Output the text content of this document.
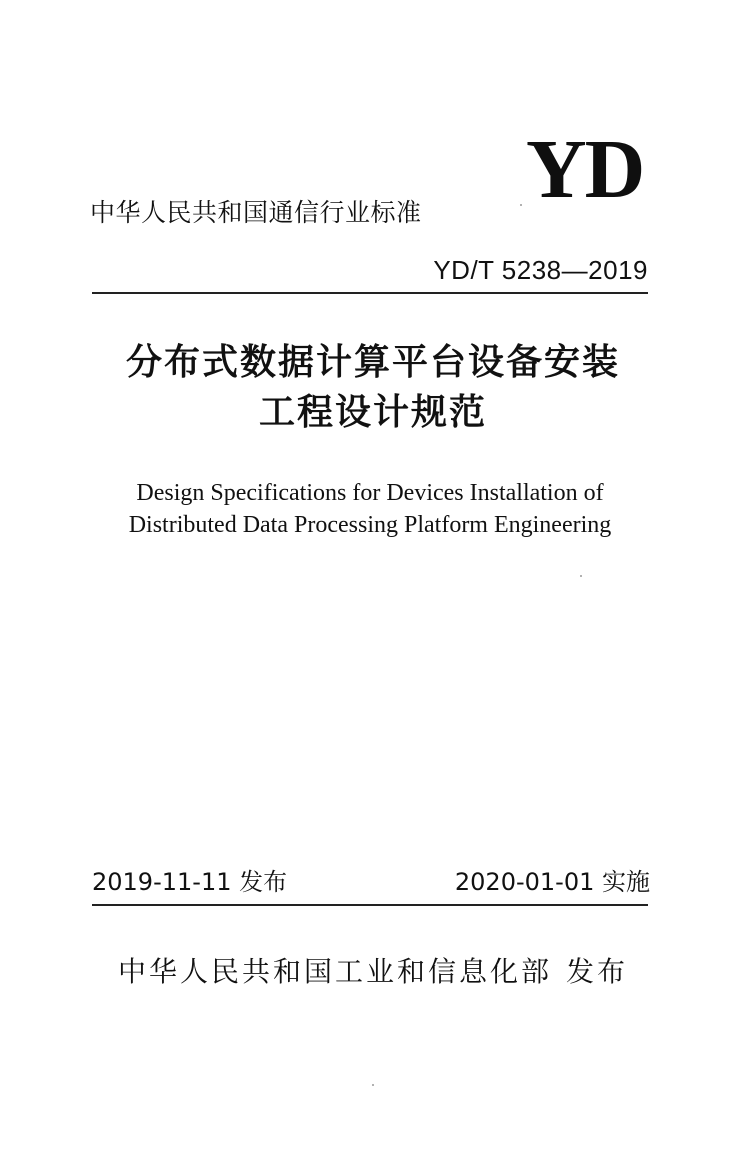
YD
中华人民共和国通信行业标准
YD/T 5238—2019
分布式数据计算平台设备安装
工程设计规范
Design Specifications for Devices Installation of
Distributed Data Processing Platform Engineering
2019-11-11 发布	2020-01-01 实施
中华人民共和国工业和信息化部 发布
